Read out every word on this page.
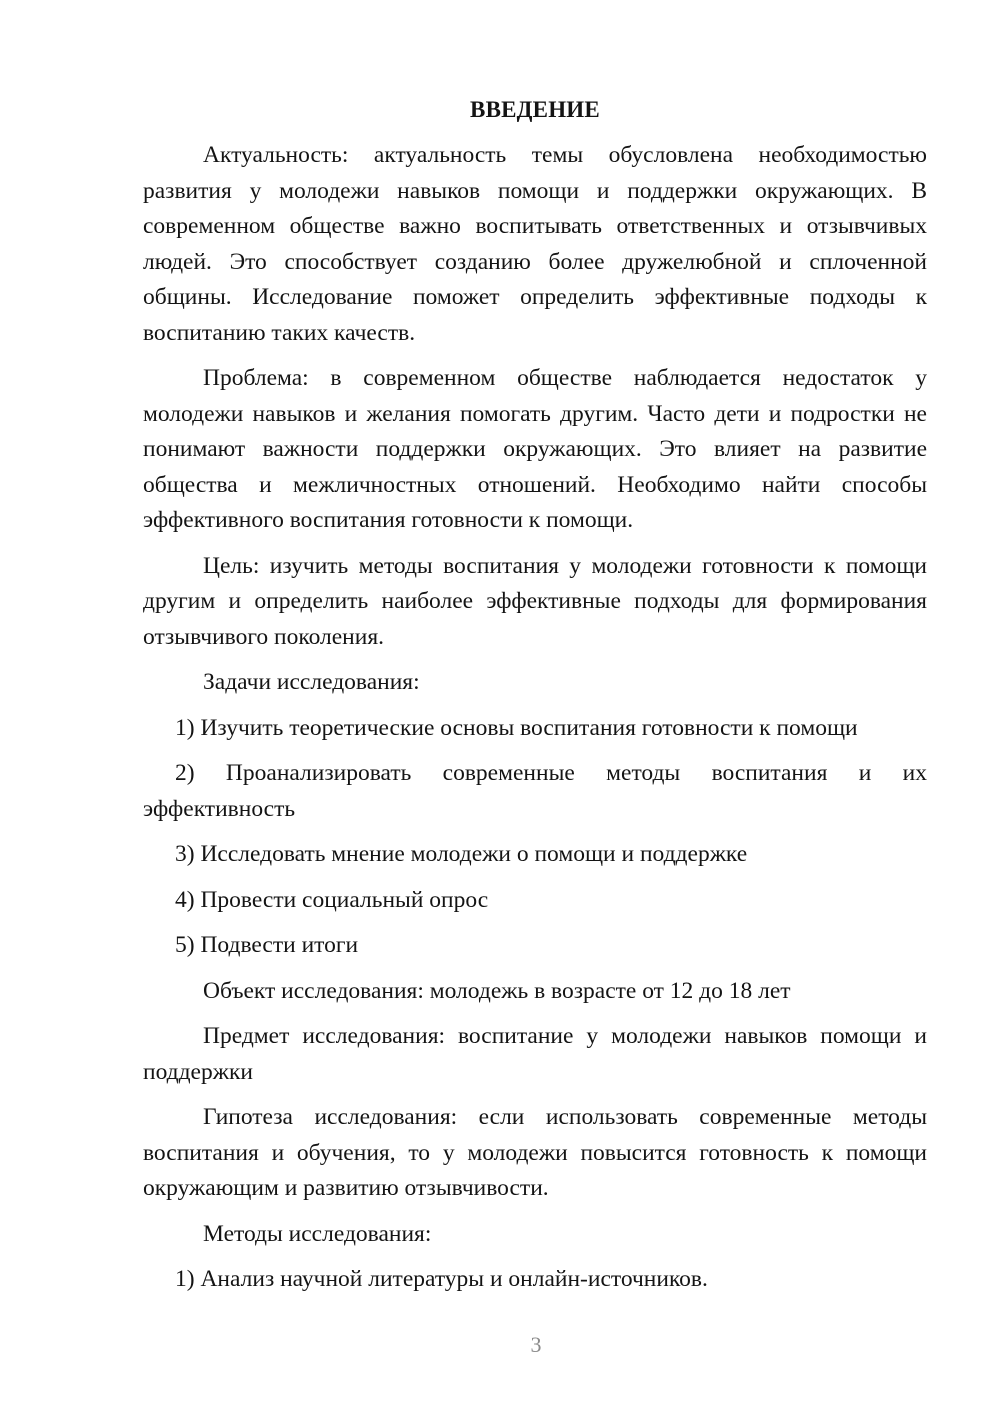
ВВЕДЕНИЕ

Актуальность: актуальность темы обусловлена необходимостью развития у молодежи навыков помощи и поддержки окружающих. В современном обществе важно воспитывать ответственных и отзывчивых людей. Это способствует созданию более дружелюбной и сплоченной общины. Исследование поможет определить эффективные подходы к воспитанию таких качеств.

Проблема: в современном обществе наблюдается недостаток у молодежи навыков и желания помогать другим. Часто дети и подростки не понимают важности поддержки окружающих. Это влияет на развитие общества и межличностных отношений. Необходимо найти способы эффективного воспитания готовности к помощи.

Цель: изучить методы воспитания у молодежи готовности к помощи другим и определить наиболее эффективные подходы для формирования отзывчивого поколения.

Задачи исследования:

1) Изучить теоретические основы воспитания готовности к помощи

2) Проанализировать современные методы воспитания и их эффективность

3) Исследовать мнение молодежи о помощи и поддержке

4) Провести социальный опрос

5) Подвести итоги

Объект исследования: молодежь в возрасте от 12 до 18 лет

Предмет исследования: воспитание у молодежи навыков помощи и поддержки

Гипотеза исследования: если использовать современные методы воспитания и обучения, то у молодежи повысится готовность к помощи окружающим и развитию отзывчивости.

Методы исследования:

1) Анализ научной литературы и онлайн-источников.

3
